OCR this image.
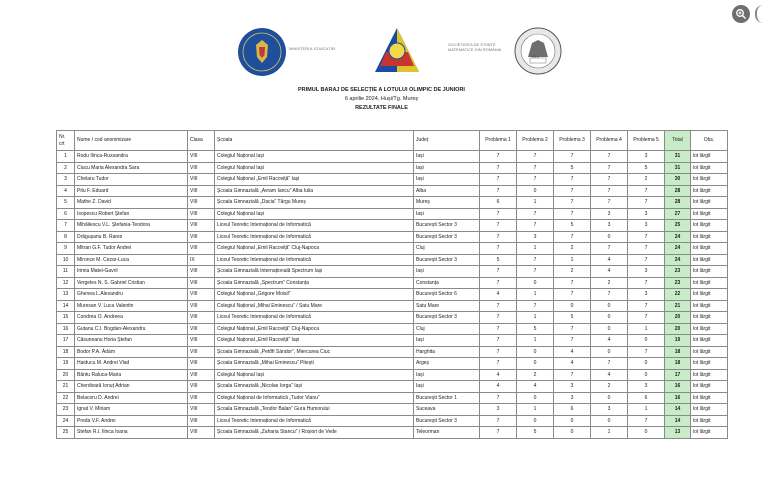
MINISTERUL EDUCAȚIEI
SOCIETATEA DE ȘTIINȚE
MATEMATICE DIN ROMÂNIA
1910
PRIMUL BARAJ DE SELECȚIE A LOTULUI OLIMPIC DE JUNIORI
6 aprilie 2024, Huși/Tg. Mureș
REZULTATE FINALE
Nr. crt	Nume / cod anonimizare	Clasa	Școala	Județ	Problema 1	Problema 2	Problema 3	Problema 4	Problema 5	Total	Obs.
1	Rodu Ilinca-Ruxsandra	VIII	Colegiul Național Iași	Iași	7	7	7	7	3	31	lot lărgit
2	Ciucu Maria Alexandra Sara	VIII	Colegiul Național Iași	Iași	7	7	5	7	5	31	lot lărgit
3	Chelaru Tudor	VIII	Colegiul Național „Emil Racoviță” Iași	Iași	7	7	7	7	2	30	lot lărgit
4	Pitu F. Eduard	VIII	Școala Gimnazială „Avram Iancu” Alba Iulia	Alba	7	0	7	7	7	28	lot lărgit
5	Mathe Z. David	VIII	Școala Gimnazială „Dacia” Târgu Mureș	Mureș	6	1	7	7	7	28	lot lărgit
6	Isopescu Robert Ștefan	VIII	Colegiul Național Iași	Iași	7	7	7	3	3	27	lot lărgit
7	Mihăilescu V.L. Ștefania-Teodora	VIII	Liceul Teoretic Internațional de Informatică	București Sector 3	7	7	5	3	3	25	lot lărgit
8	Drăgușanu B. Rares	VIII	Liceul Teoretic Internațional de Informatică	București Sector 3	7	3	7	0	7	24	lot lărgit
9	Mitran G.F. Tudor Andrei	VIII	Colegiul Național „Emil Racoviță” Cluj-Napoca	Cluj	7	1	2	7	7	24	lot lărgit
10	Mironce M. Cezar-Luca	IX	Liceul Teoretic Internațional de Informatică	București Sector 3	5	7	1	4	7	24	lot lărgit
11	Irimia Matei-Gavril	VIII	Școala Gimnazială Internațională Spectrum Iași	Iași	7	7	2	4	3	23	lot lărgit
12	Vergeles N. S. Gabriel Cristian	VIII	Școala Gimnazială „Spectrum” Constanța	Constanța	7	0	7	2	7	23	lot lărgit
13	Ghenea L.Alexandru	VIII	Colegiul Național „Grigore Moisil”	București Sector 6	4	1	7	7	3	22	lot lărgit
14	Muresan V. Luca Valentin	VIII	Colegiul Național „Mihai Eminescu” / Satu Mare	Satu Mare	7	7	0	0	7	21	lot lărgit
15	Condrea O. Andreea	VIII	Liceul Teoretic Internațional de Informatică	București Sector 3	7	1	5	0	7	20	lot lărgit
16	Gutanu C.I. Bogdan-Alexandru	VIII	Colegiul Național „Emil Racoviță” Cluj-Napoca	Cluj	7	5	7	0	1	20	lot lărgit
17	Căsuneanu Horia Ștefan	VIII	Colegiul Național „Emil Racoviță” Iași	Iași	7	1	7	4	0	19	lot lărgit
18	Bodor P.A. Ádám	VIII	Școala Gimnazială „Petőfi Sándor”, Miercurea Ciuc	Harghita	7	0	4	0	7	18	lot lărgit
19	Haiducu M. Andrei Vlad	VIII	Școala Gimnazială „Mihai Eminescu” Pitești	Argeș	7	0	4	7	0	18	lot lărgit
20	Bântu Raluca-Maria	VIII	Colegiul Național Iași	Iași	4	2	7	4	0	17	lot lărgit
21	Cherdivară Ionuț Adrian	VIII	Școala Gimnazială „Nicolae Iorga” Iași	Iași	4	4	3	2	3	16	lot lărgit
22	Belacoru D. Andrei	VIII	Colegiul Național de Informatică „Tudor Vianu”	București Sector 1	7	0	3	0	6	16	lot lărgit
23	Ignat V. Miriam	VIII	Școala Gimnazială „Teodor Balan” Gura Humorului	Suceava	3	1	6	3	1	14	lot lărgit
24	Preda V.F. Andrei	VIII	Liceul Teoretic Internațional de Informatică	București Sector 3	7	0	0	0	7	14	lot lărgit
25	Stefan R.I. Ilinca Ioana	VIII	Școala Gimnazială „Zaharia Stancu” / Roșiori de Vede	Teleorman	7	5	0	1	0	13	lot lărgit
